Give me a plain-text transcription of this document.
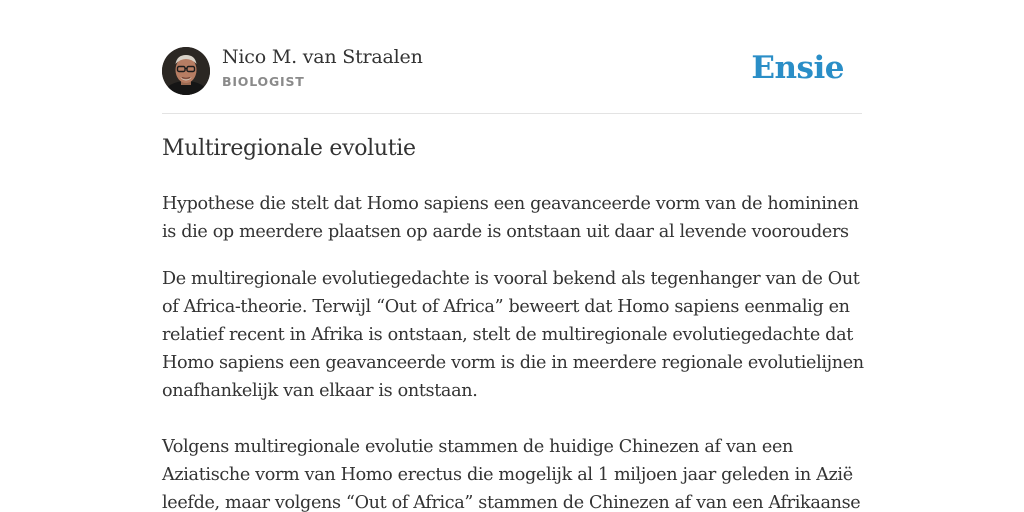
Nico M. van Straalen
BIOLOGIST	Ensie
Multiregionale evolutie

Hypothese die stelt dat Homo sapiens een geavanceerde vorm van de homininen is die op meerdere plaatsen op aarde is ontstaan uit daar al levende voorouders

De multiregionale evolutiegedachte is vooral bekend als tegenhanger van de Out of Africa-theorie. Terwijl “Out of Africa” beweert dat Homo sapiens eenmalig en relatief recent in Afrika is ontstaan, stelt de multiregionale evolutiegedachte dat Homo sapiens een geavanceerde vorm is die in meerdere regionale evolutielijnen onafhankelijk van elkaar is ontstaan.

Volgens multiregionale evolutie stammen de huidige Chinezen af van een Aziatische vorm van Homo erectus die mogelijk al 1 miljoen jaar geleden in Azië leefde, maar volgens “Out of Africa” stammen de Chinezen af van een Afrikaanse
